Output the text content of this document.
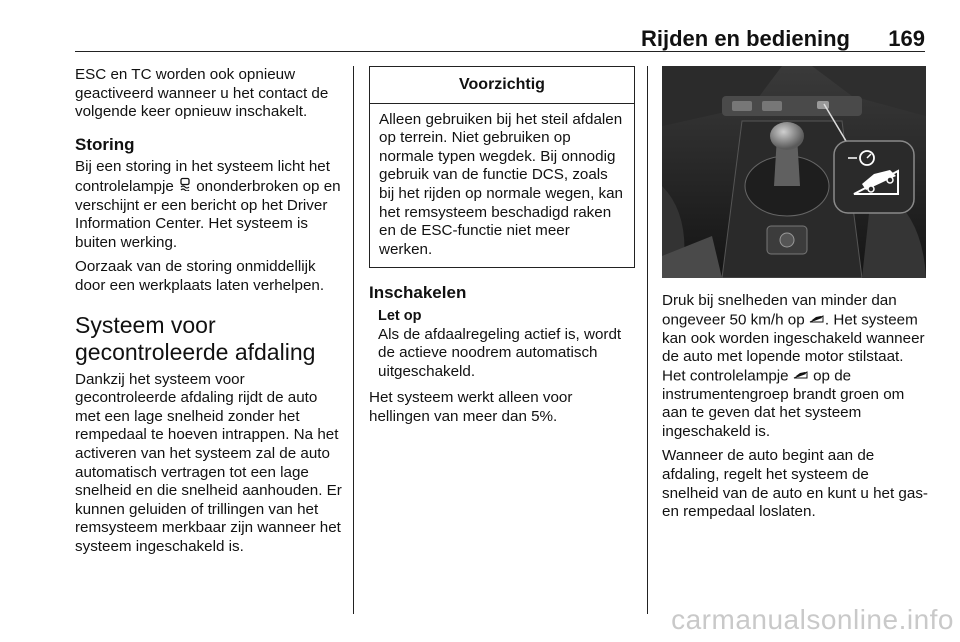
Rijden en bediening 169

ESC en TC worden ook opnieuw geactiveerd wanneer u het contact de volgende keer opnieuw inschakelt.

Storing

Bij een storing in het systeem licht het controlelampje  ononderbroken op en verschijnt er een bericht op het Driver Information Center. Het systeem is buiten werking.

Oorzaak van de storing onmiddellijk door een werkplaats laten verhelpen.

Systeem voor gecontroleerde afdaling

Dankzij het systeem voor gecontroleerde afdaling rijdt de auto met een lage snelheid zonder het rempedaal te hoeven intrappen. Na het activeren van het systeem zal de auto automatisch vertragen tot een lage snelheid en die snelheid aanhouden. Er kunnen geluiden of trillingen van het remsysteem merkbaar zijn wanneer het systeem ingeschakeld is.

Voorzichtig
Alleen gebruiken bij het steil afdalen op terrein. Niet gebruiken op normale typen wegdek. Bij onnodig gebruik van de functie DCS, zoals bij het rijden op normale wegen, kan het remsysteem beschadigd raken en de ESC-functie niet meer werken.
Inschakelen
Let op
Als de afdaalregeling actief is, wordt de actieve noodrem automatisch uitgeschakeld.

Het systeem werkt alleen voor hellingen van meer dan 5%.

Druk bij snelheden van minder dan ongeveer 50 km/h op . Het systeem kan ook worden ingeschakeld wanneer de auto met lopende motor stilstaat. Het controlelampje  op de instrumentengroep brandt groen om aan te geven dat het systeem ingeschakeld is.

Wanneer de auto begint aan de afdaling, regelt het systeem de snelheid van de auto en kunt u het gas- en rempedaal loslaten.

carmanualsonline.info
